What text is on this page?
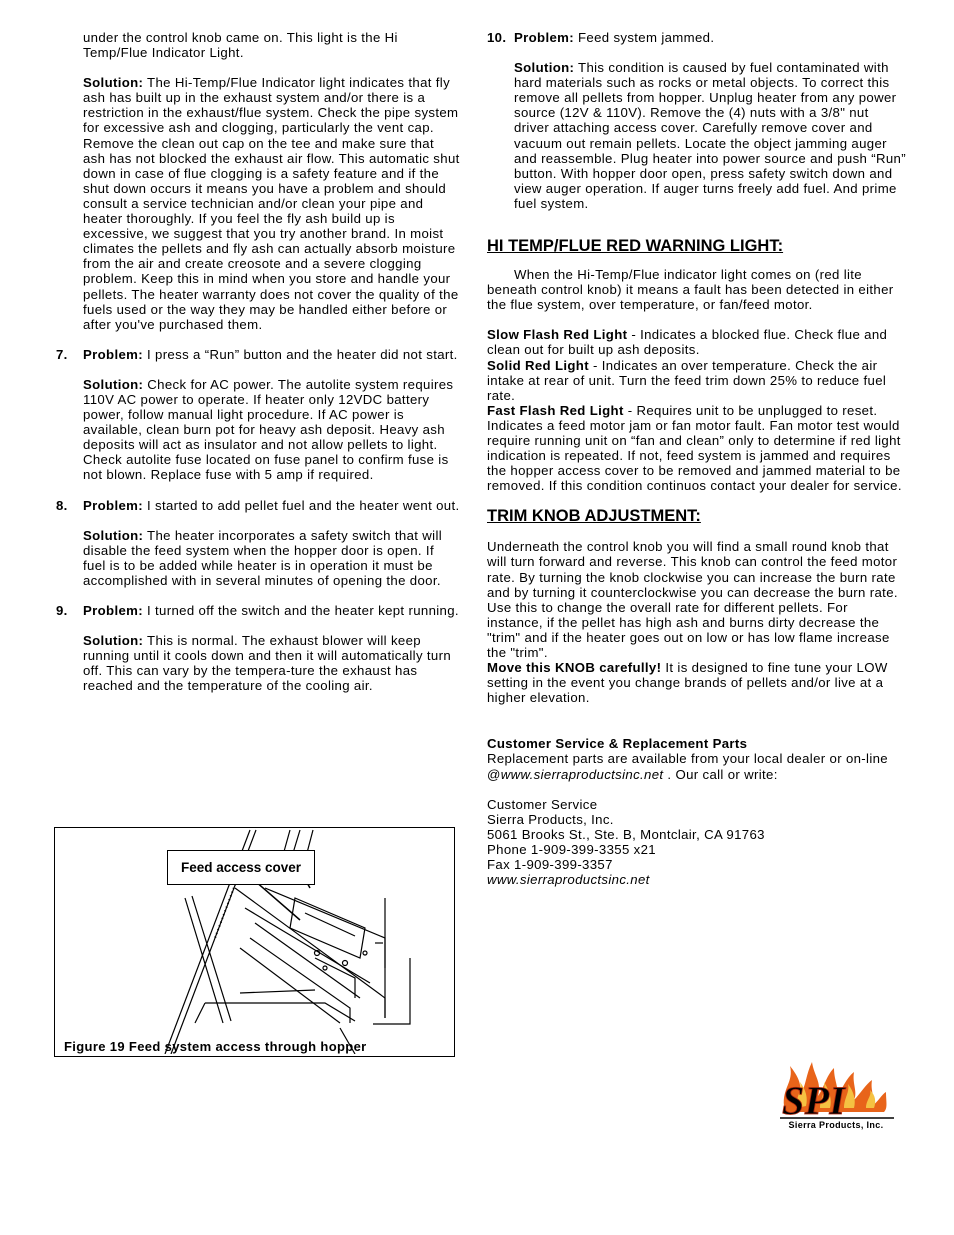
under the control knob came on. This light is the Hi Temp/Flue Indicator Light.

Solution: The Hi-Temp/Flue Indicator light indicates that fly ash has built up in the exhaust system and/or there is a restriction in the exhaust/flue system. Check the pipe system for excessive ash and clogging, particularly the vent cap. Remove the clean out cap on the tee and make sure that ash has not blocked the exhaust air flow. This automatic shut down in case of flue clogging is a safety feature and if the shut down occurs it means you have a problem and should consult a service technician and/or clean your pipe and heater thoroughly. If you feel the fly ash build up is excessive, we suggest that you try another brand. In moist climates the pellets and fly ash can actually absorb moisture from the air and create creosote and a severe clogging problem. Keep this in mind when you store and handle your pellets. The heater warranty does not cover the quality of the fuels used or the way they may be handled either before or after you've purchased them.

7. Problem: I press a “Run” button and the heater did not start.

Solution: Check for AC power. The autolite system requires 110V AC power to operate. If heater only 12VDC battery power, follow manual light procedure. If AC power is available, clean burn pot for heavy ash deposit. Heavy ash deposits will act as insulator and not allow pellets to light. Check autolite fuse located on fuse panel to confirm fuse is not blown. Replace fuse with 5 amp if required.

8. Problem: I started to add pellet fuel and the heater went out.

Solution: The heater incorporates a safety switch that will disable the feed system when the hopper door is open. If fuel is to be added while heater is in operation it must be accomplished with in several minutes of opening the door.

9. Problem: I turned off the switch and the heater kept running.

Solution: This is normal. The exhaust blower will keep running until it cools down and then it will automatically turn off. This can vary by the tempera-ture the exhaust has reached and the temperature of the cooling air.

Feed access cover
Figure 19 Feed system access through hopper
10. Problem: Feed system jammed.

Solution: This condition is caused by fuel contaminated with hard materials such as rocks or metal objects. To correct this remove all pellets from hopper. Unplug heater from any power source (12V & 110V). Remove the (4) nuts with a 3/8" nut driver attaching access cover. Carefully remove cover and vacuum out remain pellets. Locate the object jamming auger and reassemble. Plug heater into power source and push “Run” button. With hopper door open, press safety switch down and view auger operation. If auger turns freely add fuel. And prime fuel system.

HI TEMP/FLUE RED WARNING LIGHT:

When the Hi-Temp/Flue indicator light comes on (red lite beneath control knob) it means a fault has been detected in either the flue system, over temperature, or fan/feed motor.

Slow Flash Red Light - Indicates a blocked flue. Check flue and clean out for built up ash deposits.

Solid Red Light - Indicates an over temperature. Check the air intake at rear of unit. Turn the feed trim down 25% to reduce fuel rate.

Fast Flash Red Light - Requires unit to be unplugged to reset. Indicates a feed motor jam or fan motor fault. Fan motor test would require running unit on “fan and clean” only to determine if red light indication is repeated. If not, feed system is jammed and requires the hopper access cover to be removed and jammed material to be removed. If this condition continuos contact your dealer for service.

TRIM KNOB ADJUSTMENT:

Underneath the control knob you will find a small round knob that will turn forward and reverse. This knob can control the feed motor rate. By turning the knob clockwise you can increase the burn rate and by turning it counterclockwise you can decrease the burn rate. Use this to change the overall rate for different pellets. For instance, if the pellet has high ash and burns dirty decrease the "trim" and if the heater goes out on low or has low flame increase the "trim".

Move this KNOB carefully! It is designed to fine tune your LOW setting in the event you change brands of pellets and/or live at a higher elevation.

Customer Service & Replacement Parts

Replacement parts are available from your local dealer or on-line @www.sierraproductsinc.net . Our call or write:

Customer Service

Sierra Products, Inc.

5061 Brooks St., Ste. B, Montclair, CA 91763

Phone 1-909-399-3355 x21

Fax 1-909-399-3357

www.sierraproductsinc.net

SPI
Sierra Products, Inc.
